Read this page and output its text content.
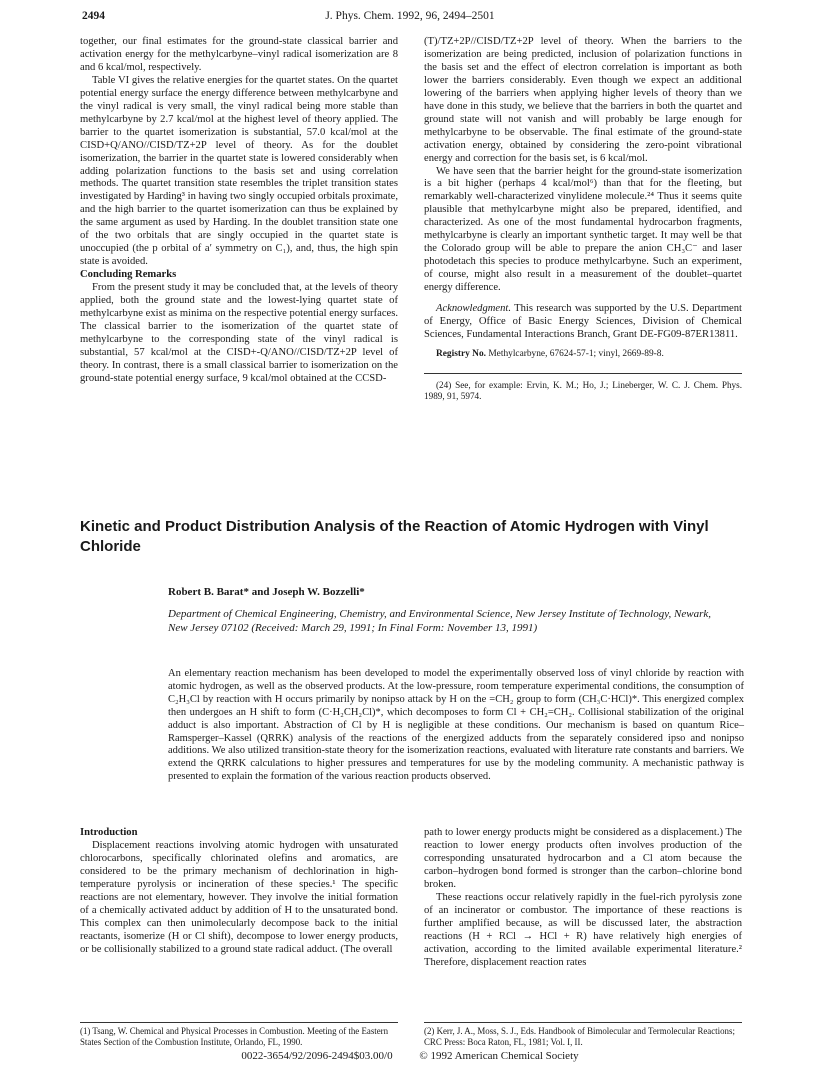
2494	J. Phys. Chem. 1992, 96, 2494–2501

together, our final estimates for the ground-state classical barrier and activation energy for the methylcarbyne–vinyl radical isomerization are 8 and 6 kcal/mol, respectively.

Table VI gives the relative energies for the quartet states. On the quartet potential energy surface the energy difference between methylcarbyne and the vinyl radical is very small, the vinyl radical being more stable than methylcarbyne by 2.7 kcal/mol at the highest level of theory applied. The barrier to the quartet isomerization is substantial, 57.0 kcal/mol at the CISD+Q/ANO//CISD/TZ+2P level of theory. As for the doublet isomerization, the barrier in the quartet state is lowered considerably when adding polarization functions to the basis set and using correlation methods. The quartet transition state resembles the triplet transition states investigated by Harding³ in having two singly occupied orbitals proximate, and the high barrier to the quartet isomerization can thus be explained by the same argument as used by Harding. In the doublet transition state one of the two orbitals that are singly occupied in the quartet state is unoccupied (the p orbital of a′ symmetry on C₁), and, thus, the high spin state is avoided.

Concluding Remarks

From the present study it may be concluded that, at the levels of theory applied, both the ground state and the lowest-lying quartet state of methylcarbyne exist as minima on the respective potential energy surfaces. The classical barrier to the isomerization of the quartet state of methylcarbyne to the corresponding state of the vinyl radical is substantial, 57 kcal/mol at the CISD+-Q/ANO//CISD/TZ+2P level of theory. In contrast, there is a small classical barrier to isomerization on the ground-state potential energy surface, 9 kcal/mol obtained at the CCSD-

(T)/TZ+2P//CISD/TZ+2P level of theory. When the barriers to the isomerization are being predicted, inclusion of polarization functions in the basis set and the effect of electron correlation is important as both lower the barriers considerably. Even though we expect an additional lowering of the barriers when applying higher levels of theory than we have done in this study, we believe that the barriers in both the quartet and ground state will not vanish and will probably be large enough for methylcarbyne to be observable. The final estimate of the ground-state activation energy, obtained by considering the zero-point vibrational energy and correction for the basis set, is 6 kcal/mol.

We have seen that the barrier height for the ground-state isomerization is a bit higher (perhaps 4 kcal/mol⁶) than that for the fleeting, but remarkably well-characterized vinylidene molecule.²⁴ Thus it seems quite plausible that methylcarbyne might also be prepared, identified, and characterized. As one of the most fundamental hydrocarbon fragments, methylcarbyne is clearly an important synthetic target. It may well be that the Colorado group will be able to prepare the anion CH₃C⁻ and laser photodetach this species to produce methylcarbyne. Such an experiment, of course, might also result in a measurement of the doublet–quartet energy difference.

Acknowledgment. This research was supported by the U.S. Department of Energy, Office of Basic Energy Sciences, Division of Chemical Sciences, Fundamental Interactions Branch, Grant DE-FG09-87ER13811.

Registry No. Methylcarbyne, 67624-57-1; vinyl, 2669-89-8.

(24) See, for example: Ervin, K. M.; Ho, J.; Lineberger, W. C. J. Chem. Phys. 1989, 91, 5974.

Kinetic and Product Distribution Analysis of the Reaction of Atomic Hydrogen with Vinyl Chloride
Robert B. Barat* and Joseph W. Bozzelli*
Department of Chemical Engineering, Chemistry, and Environmental Science, New Jersey Institute of Technology, Newark, New Jersey 07102 (Received: March 29, 1991; In Final Form: November 13, 1991)
An elementary reaction mechanism has been developed to model the experimentally observed loss of vinyl chloride by reaction with atomic hydrogen, as well as the observed products. At the low-pressure, room temperature experimental conditions, the consumption of C₂H₃Cl by reaction with H occurs primarily by nonipso attack by H on the =CH₂ group to form (CH₃C·HCl)*. This energized complex then undergoes an H shift to form (C·H₂CH₂Cl)*, which decomposes to form Cl + CH₂=CH₂. Collisional stabilization of the original adduct is also important. Abstraction of Cl by H is negligible at these conditions. Our mechanism is based on quantum Rice–Ramsperger–Kassel (QRRK) analysis of the reactions of the energized adducts from the separately considered ipso and nonipso additions. We also utilized transition-state theory for the isomerization reactions, evaluated with literature rate constants and barriers. We extend the QRRK calculations to higher pressures and temperatures for use by the modeling community. A mechanistic pathway is presented to explain the formation of the various reaction products observed.

Introduction

Displacement reactions involving atomic hydrogen with unsaturated chlorocarbons, specifically chlorinated olefins and aromatics, are considered to be the primary mechanism of dechlorination in high-temperature pyrolysis or incineration of these species.¹ The specific reactions are not elementary, however. They involve the initial formation of a chemically activated adduct by addition of H to the unsaturated bond. This complex can then unimolecularly decompose back to the initial reactants, isomerize (H or Cl shift), decompose to lower energy products, or be collisionally stabilized to a ground state radical adduct. (The overall

path to lower energy products might be considered as a displacement.) The reaction to lower energy products often involves production of the corresponding unsaturated hydrocarbon and a Cl atom because the carbon–hydrogen bond formed is stronger than the carbon–chlorine bond broken.

These reactions occur relatively rapidly in the fuel-rich pyrolysis zone of an incinerator or combustor. The importance of these reactions is further amplified because, as will be discussed later, the abstraction reactions (H + RCl → HCl + R) have relatively high energies of activation, according to the limited available experimental literature.² Therefore, displacement reaction rates

(1) Tsang, W. Chemical and Physical Processes in Combustion. Meeting of the Eastern States Section of the Combustion Institute, Orlando, FL, 1990.
(2) Kerr, J. A., Moss, S. J., Eds. Handbook of Bimolecular and Termolecular Reactions; CRC Press: Boca Raton, FL, 1981; Vol. I, II.
0022-3654/92/2096-2494$03.00/0 © 1992 American Chemical Society
